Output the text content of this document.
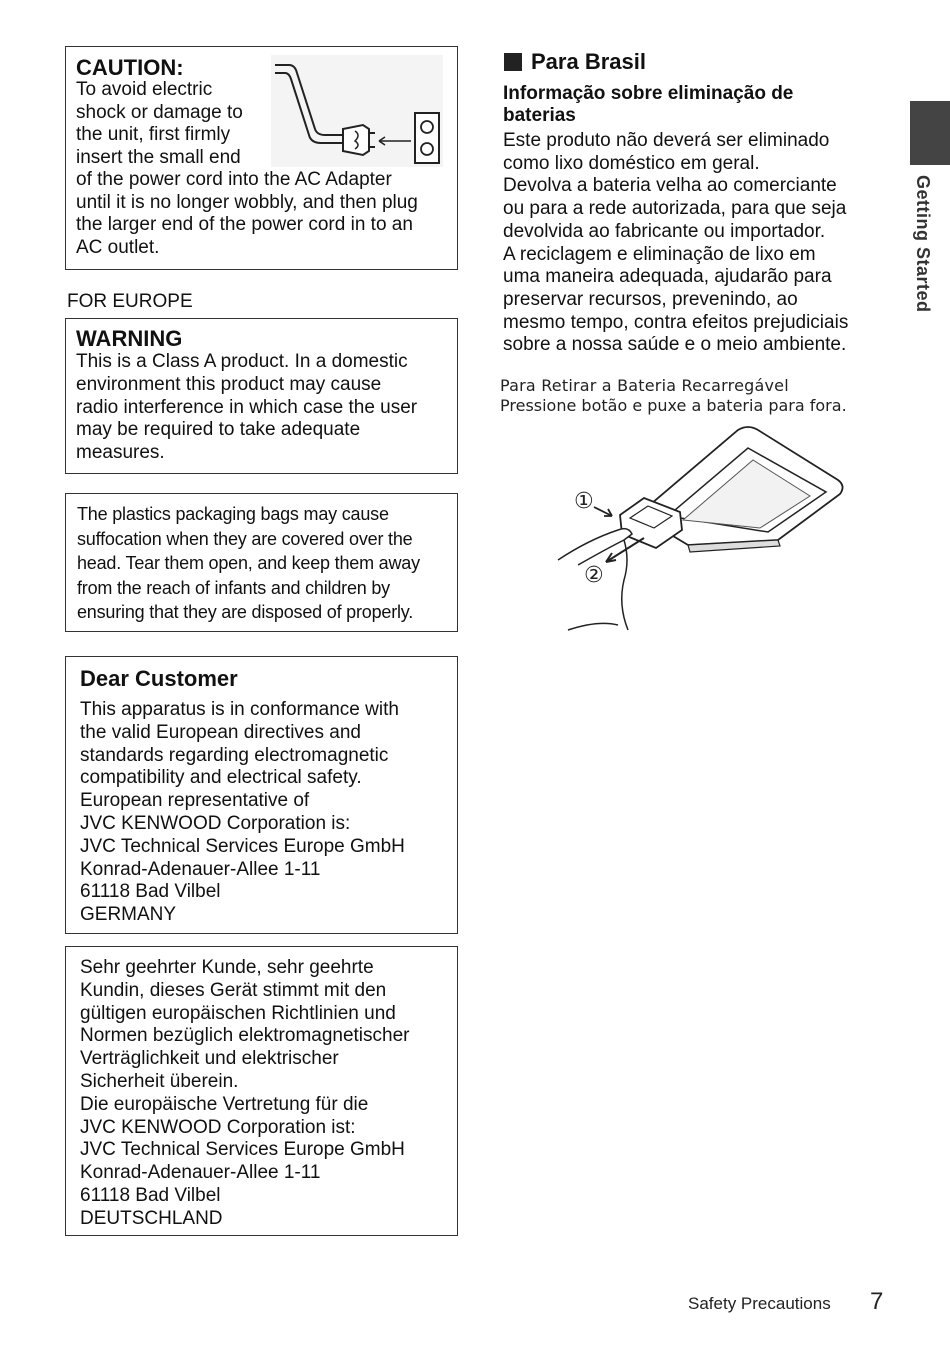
CAUTION:
To avoid electric
shock or damage to
the unit, first firmly
insert the small end
of the power cord into the AC Adapter
until it is no longer wobbly, and then plug
the larger end of the power cord in to an
AC outlet.
FOR EUROPE
WARNING
This is a Class A product. In a domestic
environment this product may cause
radio interference in which case the user
may be required to take adequate
measures.
The plastics packaging bags may cause
suffocation when they are covered over the
head. Tear them open, and keep them away
from the reach of infants and children by
ensuring that they are disposed of properly.
Dear Customer
This apparatus is in conformance with
the valid European directives and
standards regarding electromagnetic
compatibility and electrical safety.
European representative of
JVC KENWOOD Corporation is:
JVC Technical Services Europe GmbH
Konrad-Adenauer-Allee 1-11
61118 Bad Vilbel
GERMANY
Sehr geehrter Kunde, sehr geehrte
Kundin, dieses Gerät stimmt mit den
gültigen europäischen Richtlinien und
Normen bezüglich elektromagnetischer
Verträglichkeit und elektrischer
Sicherheit überein.
Die europäische Vertretung für die
JVC KENWOOD Corporation ist:
JVC Technical Services Europe GmbH
Konrad-Adenauer-Allee 1-11
61118 Bad Vilbel
DEUTSCHLAND
Para Brasil
Informação sobre eliminação de
baterias
Este produto não deverá ser eliminado
como lixo doméstico em geral.
Devolva a bateria velha ao comerciante
ou para a rede autorizada, para que seja
devolvida ao fabricante ou importador.
A reciclagem e eliminação de lixo em
uma maneira adequada, ajudarão para
preservar recursos, prevenindo, ao
mesmo tempo, contra efeitos prejudiciais
sobre a nossa saúde e o meio ambiente.
Para Retirar a Bateria Recarregável
Pressione botão e puxe a bateria para fora.
①
②
Getting Started
Safety Precautions 7
